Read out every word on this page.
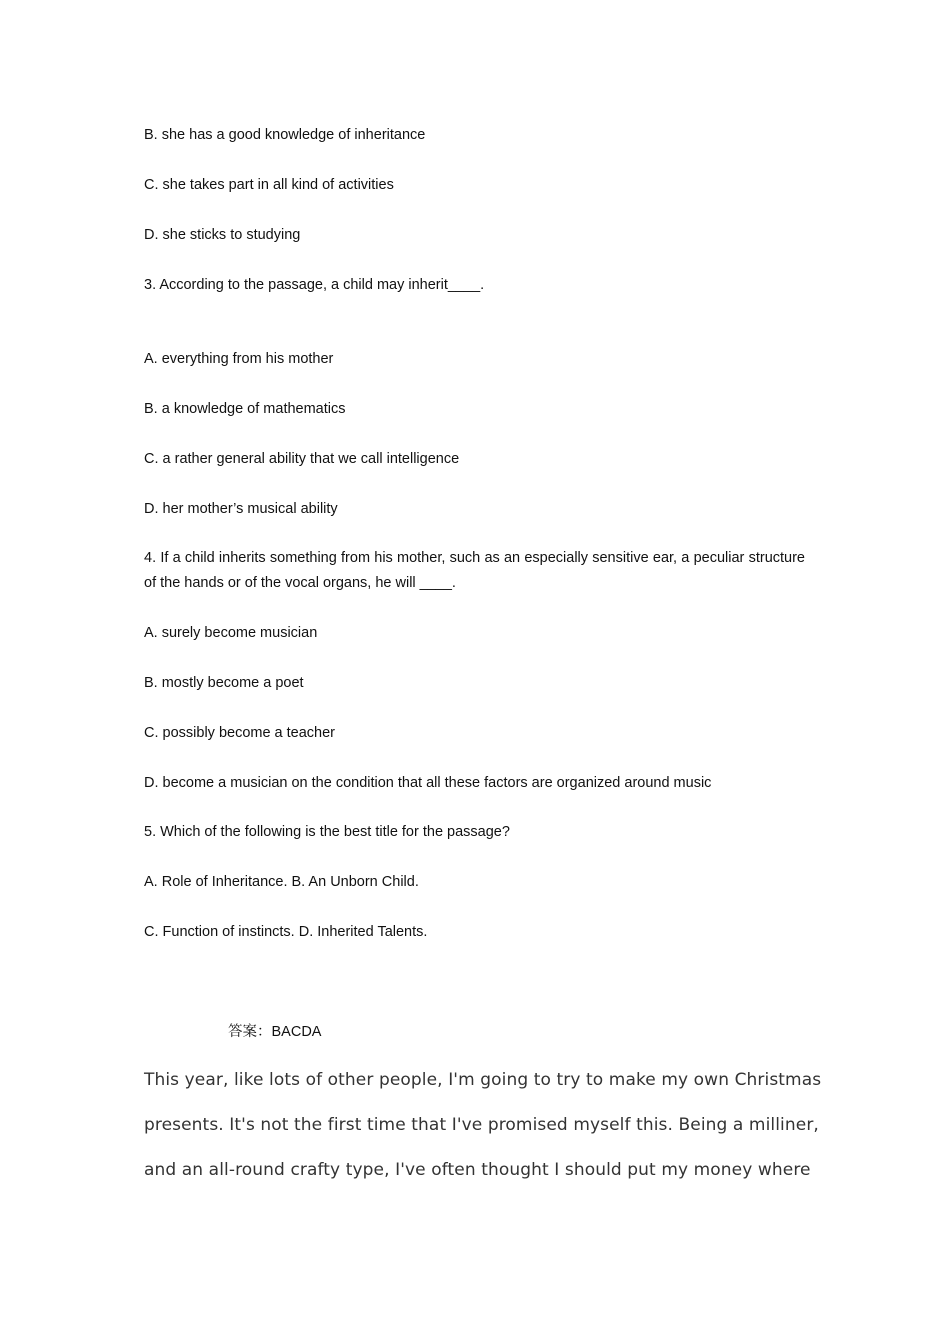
B. she has a good knowledge of inheritance
C. she takes part in all kind of activities
D. she sticks to studying
3. According to the passage, a child may inherit____.
A. everything from his mother
B. a knowledge of mathematics
C. a rather general ability that we call intelligence
D. her mother’s musical ability
4. If a child inherits something from his mother, such as an especially sensitive ear, a peculiar structure of the hands or of the vocal organs, he will ____.
A. surely become musician
B. mostly become a poet
C. possibly become a teacher
D. become a musician on the condition that all these factors are organized around music
5. Which of the following is the best title for the passage?
A. Role of Inheritance. B. An Unborn Child.
C. Function of instincts. D. Inherited Talents.
答案：BACDA
This year, like lots of other people, I'm going to try to make my own Christmas
presents. It's not the first time that I've promised myself this. Being a milliner,
and an all-round crafty type, I've often thought I should put my money where
